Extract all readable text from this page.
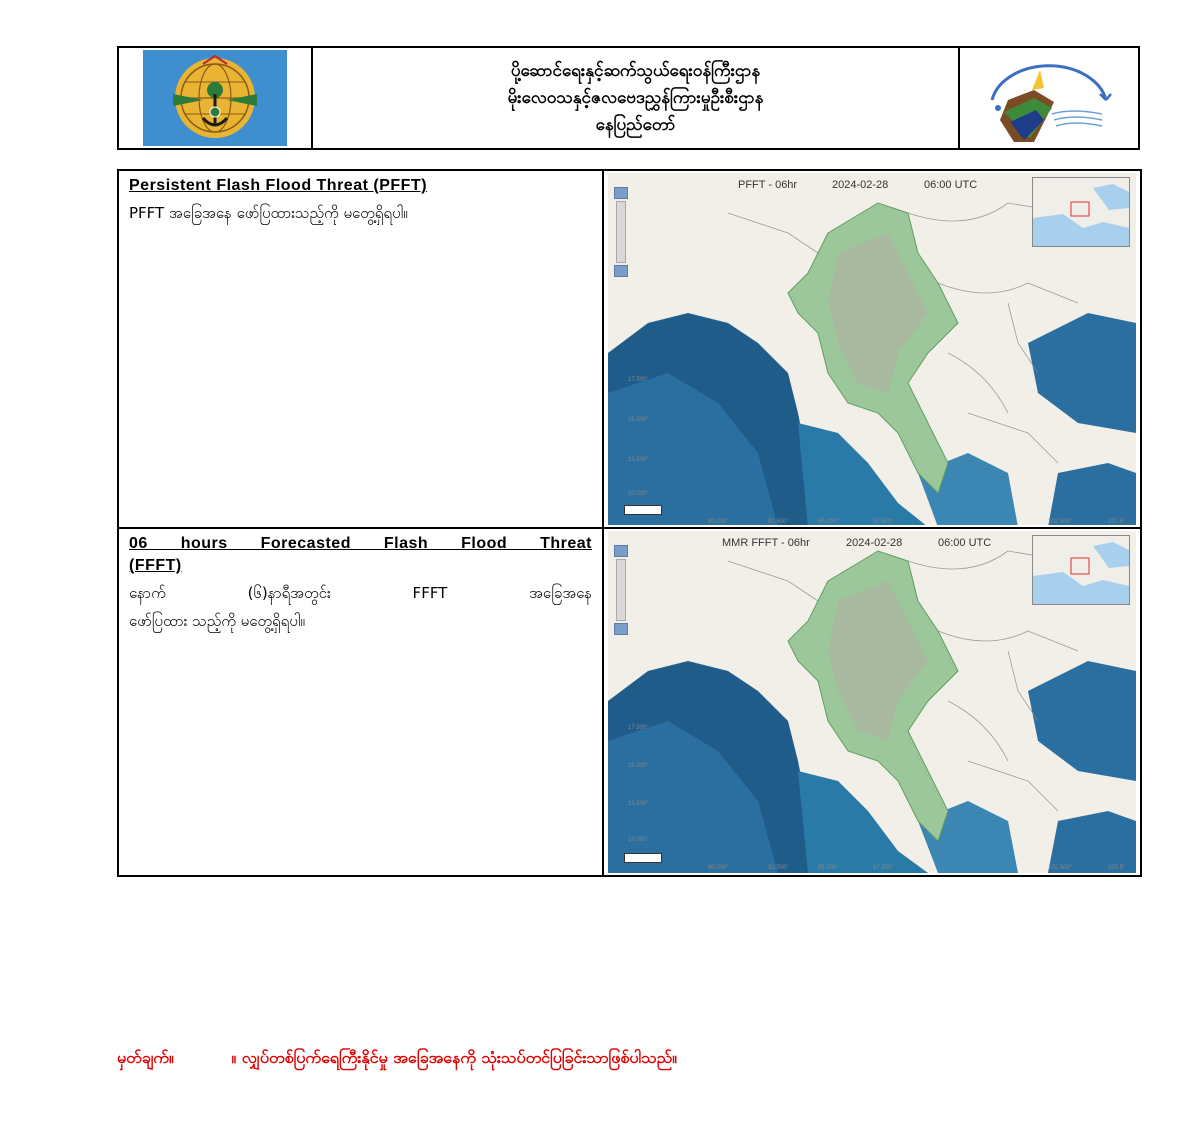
ပို့ဆောင်ရေးနှင့်ဆက်သွယ်ရေးဝန်ကြီးဌာန
မိုးလေဝသနှင့်ဇလဗေဒညွှန်ကြားမှုဦးစီးဌာန
နေပြည်တော်
Persistent Flash Flood Threat (PFFT)
PFFT အခြေအနေ ဖော်ပြထားသည့်ကို မတွေ့ရှိရပါ။
17.500°
15.000°
12.500°
10.000°
90.000°	92.500°	95.000°	97.500°	102.500°	107.5°
PFFT - 06hr	2024-02-28	06:00 UTC
06 hours Forecasted Flash Flood Threat
(FFFT)
နောက် (၆)နာရီအတွင်း FFFT အခြေအနေ
ဖော်ပြထား သည့်ကို မတွေ့ရှိရပါ။
17.500°
15.000°
12.500°
10.000°
90.000°	92.500°	95.000°	97.500°	102.500°	107.5°
MMR FFFT - 06hr	2024-02-28	06:00 UTC
မှတ်ချက်။	။ လျှပ်တစ်ပြက်ရေကြီးနိုင်မှု အခြေအနေကို သုံးသပ်တင်ပြခြင်းသာဖြစ်ပါသည်။
